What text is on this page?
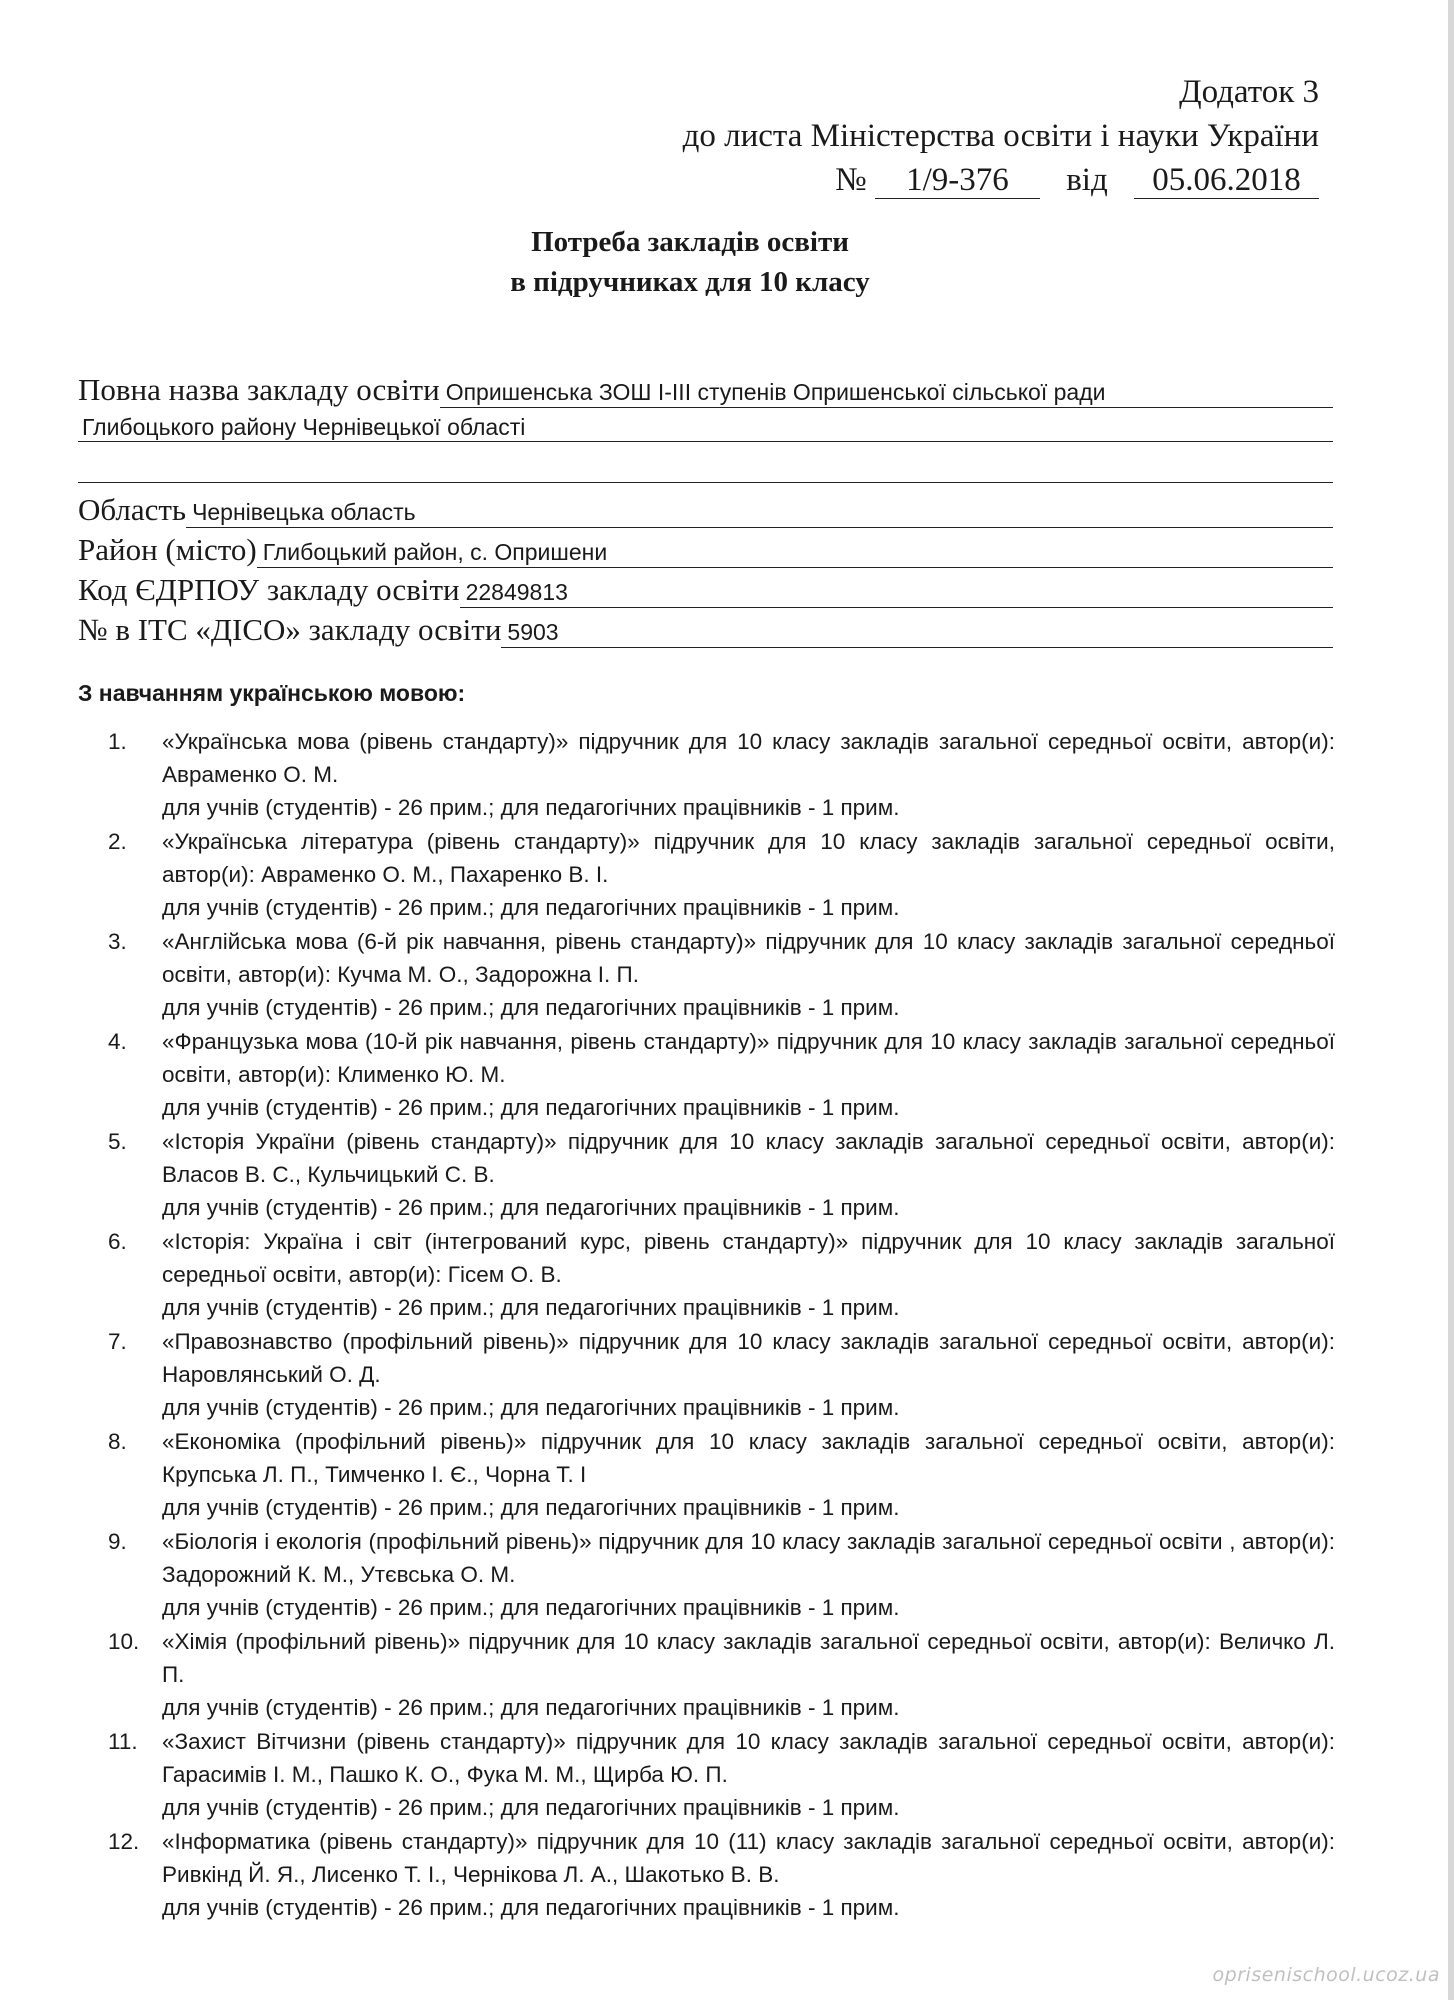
Додаток 3
до листа Міністерства освіти і науки України
№ 1/9-376 від 05.06.2018
Потреба закладів освіти
в підручниках для 10 класу
Повна назва закладу освіти Опришенська ЗОШ I-III ступенів Опришенської сільської ради
Глибоцького району Чернівецької області
Область Чернівецька область
Район (місто) Глибоцький район, с. Опришени
Код ЄДРПОУ закладу освіти 22849813
№ в ІТС «ДІСО» закладу освіти 5903
З навчанням українською мовою:
1.	«Українська мова (рівень стандарту)» підручник для 10 класу закладів загальної середньої освіти, автор(и): Авраменко О. М.
для учнів (студентів) - 26 прим.; для педагогічних працівників - 1 прим.
2.	«Українська література (рівень стандарту)» підручник для 10 класу закладів загальної середньої освіти, автор(и): Авраменко О. М., Пахаренко В. І.
для учнів (студентів) - 26 прим.; для педагогічних працівників - 1 прим.
3.	«Англійська мова (6-й рік навчання, рівень стандарту)» підручник для 10 класу закладів загальної середньої освіти, автор(и): Кучма М. О., Задорожна І. П.
для учнів (студентів) - 26 прим.; для педагогічних працівників - 1 прим.
4.	«Французька мова (10-й рік навчання, рівень стандарту)» підручник для 10 класу закладів загальної середньої освіти, автор(и): Клименко Ю. М.
для учнів (студентів) - 26 прим.; для педагогічних працівників - 1 прим.
5.	«Історія України (рівень стандарту)» підручник для 10 класу закладів загальної середньої освіти, автор(и): Власов В. С., Кульчицький С. В.
для учнів (студентів) - 26 прим.; для педагогічних працівників - 1 прим.
6.	«Історія: Україна і світ (інтегрований курс, рівень стандарту)» підручник для 10 класу закладів загальної середньої освіти, автор(и): Гісем О. В.
для учнів (студентів) - 26 прим.; для педагогічних працівників - 1 прим.
7.	«Правознавство (профільний рівень)» підручник для 10 класу закладів загальної середньої освіти, автор(и): Наровлянський О. Д.
для учнів (студентів) - 26 прим.; для педагогічних працівників - 1 прим.
8.	«Економіка (профільний рівень)» підручник для 10 класу закладів загальної середньої освіти, автор(и): Крупська Л. П., Тимченко І. Є., Чорна Т. І
для учнів (студентів) - 26 прим.; для педагогічних працівників - 1 прим.
9.	«Біологія і екологія (профільний рівень)» підручник для 10 класу закладів загальної середньої освіти , автор(и): Задорожний К. М., Утєвська О. М.
для учнів (студентів) - 26 прим.; для педагогічних працівників - 1 прим.
10.	«Хімія (профільний рівень)» підручник для 10 класу закладів загальної середньої освіти, автор(и): Величко Л. П.
для учнів (студентів) - 26 прим.; для педагогічних працівників - 1 прим.
11.	«Захист Вітчизни (рівень стандарту)» підручник для 10 класу закладів загальної середньої освіти, автор(и): Гарасимів І. М., Пашко К. О., Фука М. М., Щирба Ю. П.
для учнів (студентів) - 26 прим.; для педагогічних працівників - 1 прим.
12.	«Інформатика (рівень стандарту)» підручник для 10 (11) класу закладів загальної середньої освіти, автор(и): Ривкінд Й. Я., Лисенко Т. І., Чернікова Л. А., Шакотько В. В.
для учнів (студентів) - 26 прим.; для педагогічних працівників - 1 прим.
oprisenischool.ucoz.ua
